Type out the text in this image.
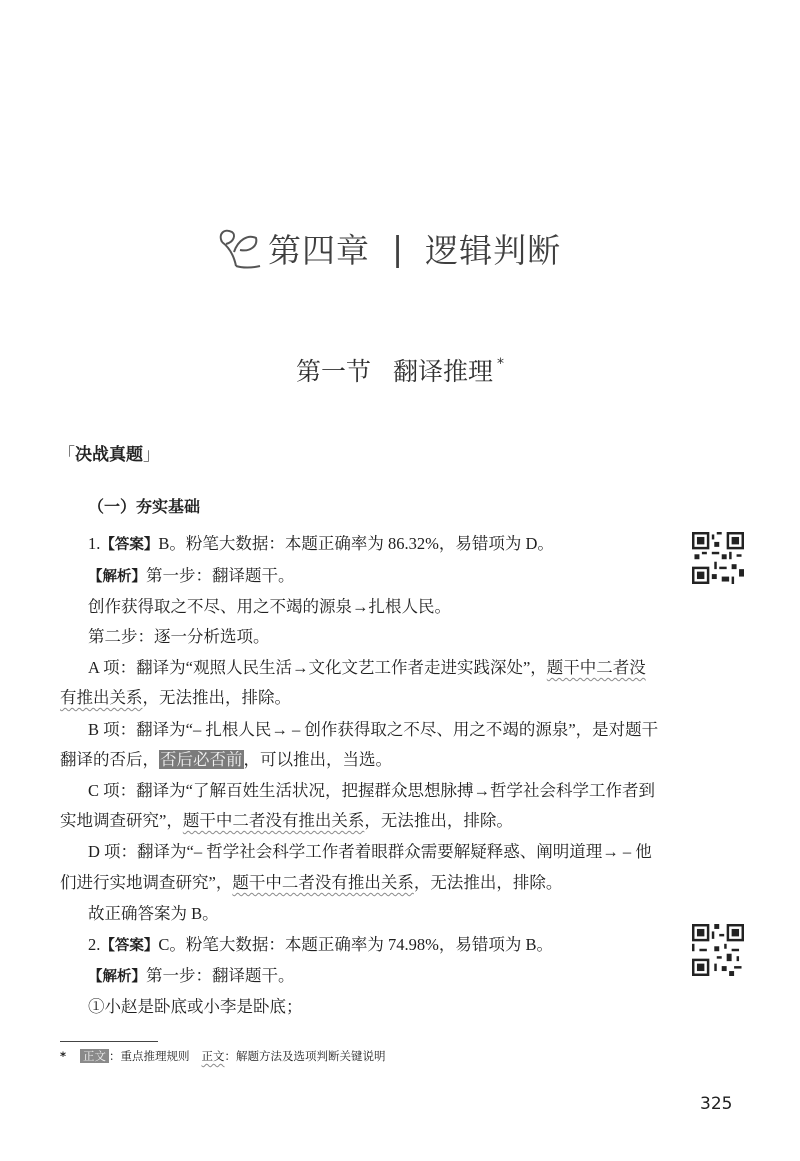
第四章 | 逻辑判断
第一节 翻译推理 *
「决战真题」
（一）夯实基础
1.【答案】B。粉笔大数据：本题正确率为 86.32%，易错项为 D。
【解析】第一步：翻译题干。
创作获得取之不尽、用之不竭的源泉→扎根人民。
第二步：逐一分析选项。
A 项：翻译为“观照人民生活→文化文艺工作者走进实践深处”，题干中二者没
有推出关系，无法推出，排除。
B 项：翻译为“– 扎根人民→ – 创作获得取之不尽、用之不竭的源泉”，是对题干
翻译的否后，否后必否前，可以推出，当选。
C 项：翻译为“了解百姓生活状况，把握群众思想脉搏→哲学社会科学工作者到
实地调查研究”，题干中二者没有推出关系，无法推出，排除。
D 项：翻译为“– 哲学社会科学工作者着眼群众需要解疑释惑、阐明道理→ – 他
们进行实地调查研究”，题干中二者没有推出关系，无法推出，排除。
故正确答案为 B。
2.【答案】C。粉笔大数据：本题正确率为 74.98%，易错项为 B。
【解析】第一步：翻译题干。
①小赵是卧底或小李是卧底；
* 正文 ：重点推理规则 正文：解题方法及选项判断关键说明
325
